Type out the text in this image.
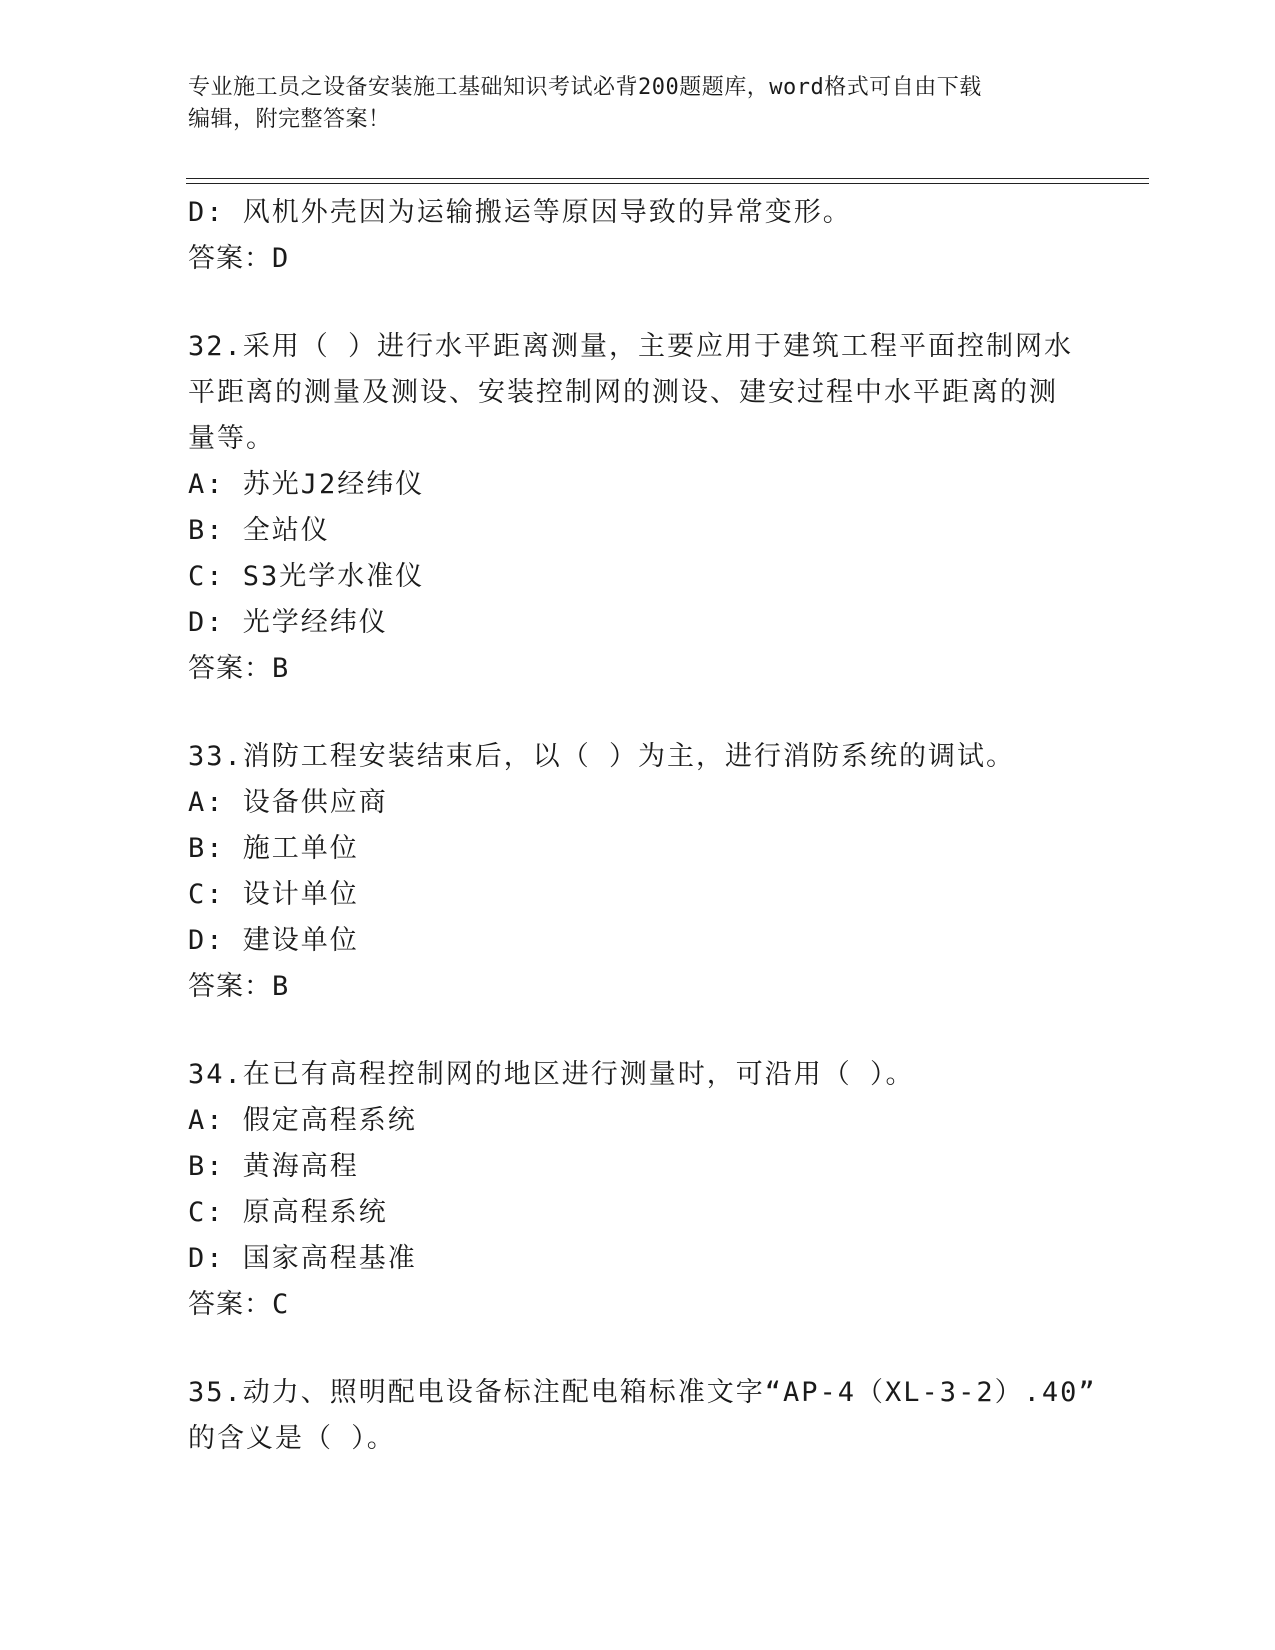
专业施工员之设备安装施工基础知识考试必背200题题库，word格式可自由下载
编辑，附完整答案！
D: 风机外壳因为运输搬运等原因导致的异常变形。
答案：D
32.采用（ ）进行水平距离测量，主要应用于建筑工程平面控制网水
平距离的测量及测设、安装控制网的测设、建安过程中水平距离的测
量等。
A: 苏光J2经纬仪
B: 全站仪
C: S3光学水准仪
D: 光学经纬仪
答案：B
33.消防工程安装结束后，以（ ）为主，进行消防系统的调试。
A: 设备供应商
B: 施工单位
C: 设计单位
D: 建设单位
答案：B
34.在已有高程控制网的地区进行测量时，可沿用（ ）。
A: 假定高程系统
B: 黄海高程
C: 原高程系统
D: 国家高程基准
答案：C
35.动力、照明配电设备标注配电箱标准文字“AP-4（XL-3-2）.40”
的含义是（ ）。
